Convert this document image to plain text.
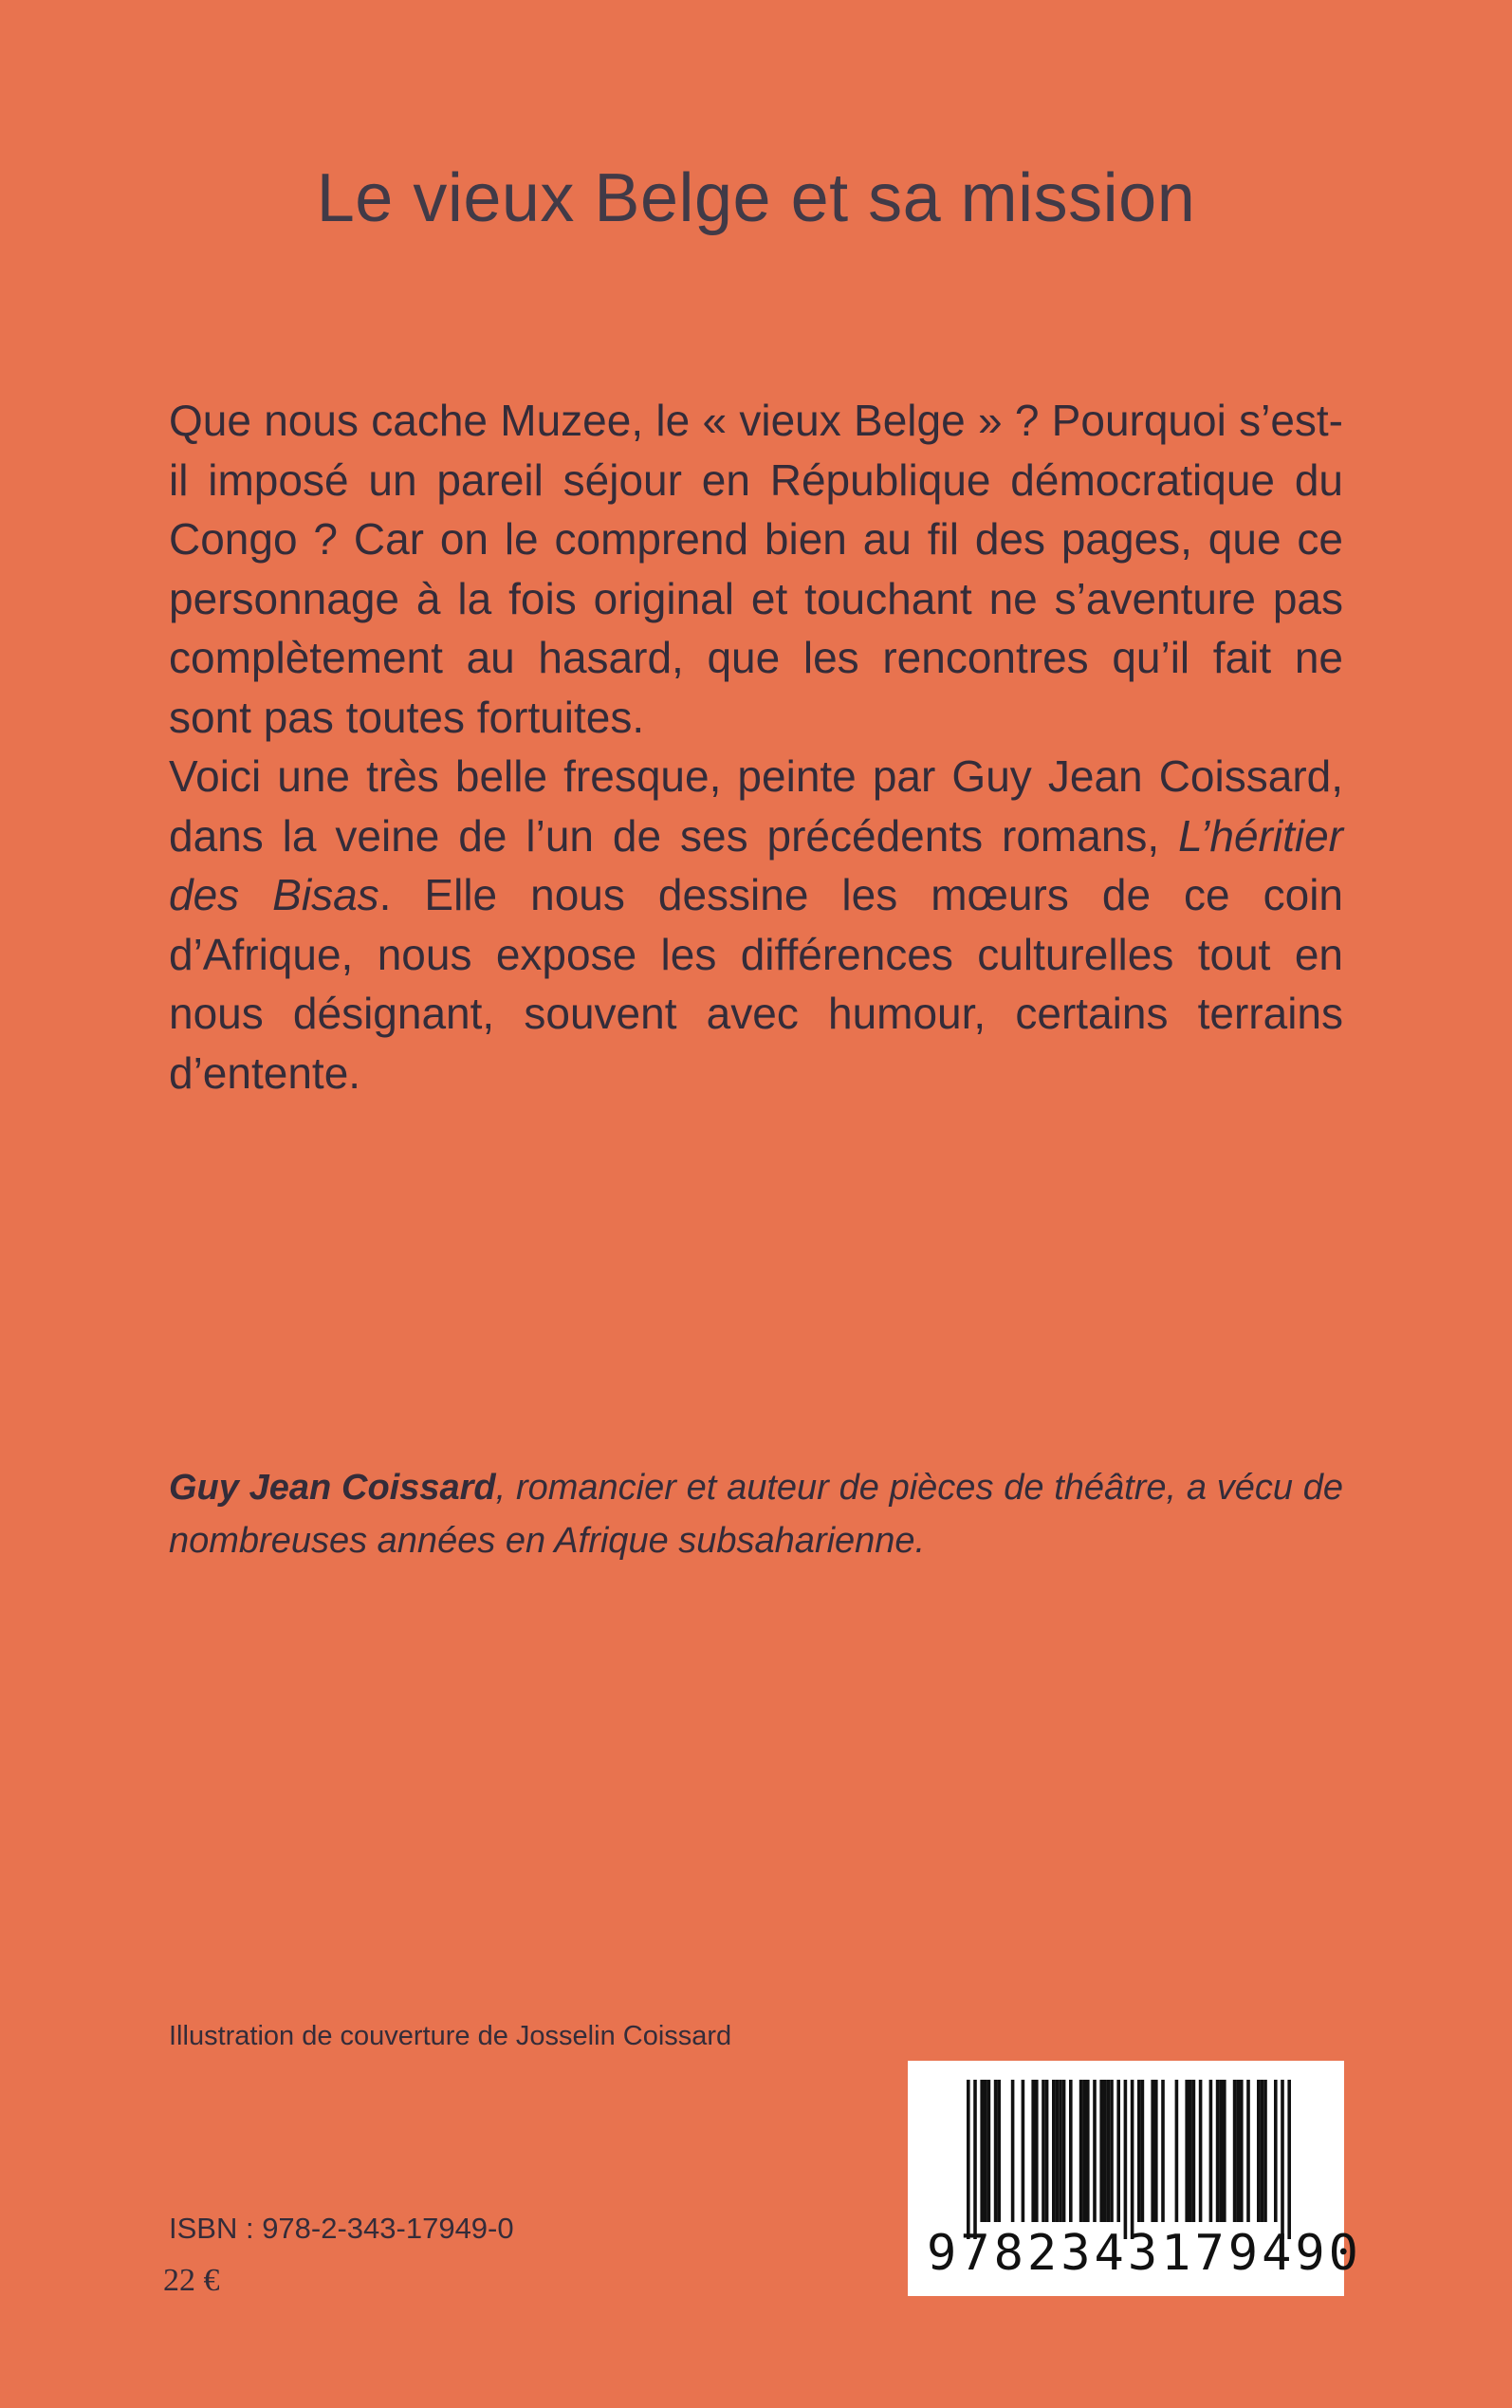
Le vieux Belge et sa mission

Que nous cache Muzee, le « vieux Belge » ? Pourquoi s’est-il imposé un pareil séjour en République démocratique du Congo ? Car on le comprend bien au fil des pages, que ce personnage à la fois original et touchant ne s’aventure pas complètement au hasard, que les rencontres qu’il fait ne sont pas toutes fortuites.

Voici une très belle fresque, peinte par Guy Jean Coissard, dans la veine de l’un de ses précédents romans, L’héritier des Bisas. Elle nous dessine les mœurs de ce coin d’Afrique, nous expose les différences culturelles tout en nous désignant, souvent avec humour, certains terrains d’entente.

Guy Jean Coissard, romancier et auteur de pièces de théâtre, a vécu de nombreuses années en Afrique subsaharienne.
Illustration de couverture de Josselin Coissard
ISBN : 978-2-343-17949-0
22 €	9782343179490
